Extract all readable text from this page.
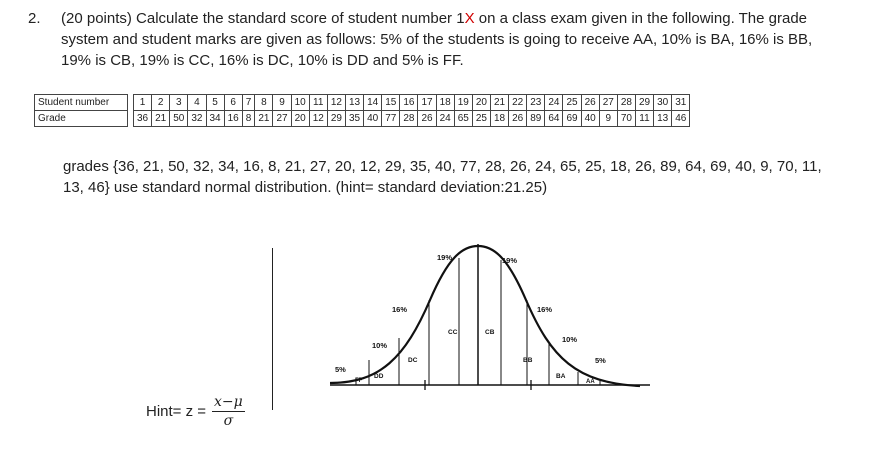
2. (20 points) Calculate the standard score of student number 1X on a class exam given in the following. The grade
system and student marks are given as follows: 5% of the students is going to receive AA, 10% is BA, 16% is BB,
19% is CB, 19% is CC, 16% is DC, 10% is DD and 5% is FF.
Student number		1	2	3	4	5	6	7	8	9	10	11	12	13	14	15	16	17	18	19	20	21	22	23	24	25	26	27	28	29	30	31
Grade		36	21	50	32	34	16	8	21	27	20	12	29	35	40	77	28	26	24	65	25	18	26	89	64	69	40	9	70	11	13	46
grades {36, 21, 50, 32, 34, 16, 8, 21, 27, 20, 12, 29, 35, 40, 77, 28, 26, 24, 65, 25, 18, 26, 89, 64, 69, 40, 9, 70, 11,
13, 46} use standard normal distribution. (hint= standard deviation:21.25)
Hint= $z = \frac{x-\mu}{\sigma}$
5%
10%
16%
19%	19%
16%
10%
5%
FF
DD
DC
CC	CB
BB
BA
AA
